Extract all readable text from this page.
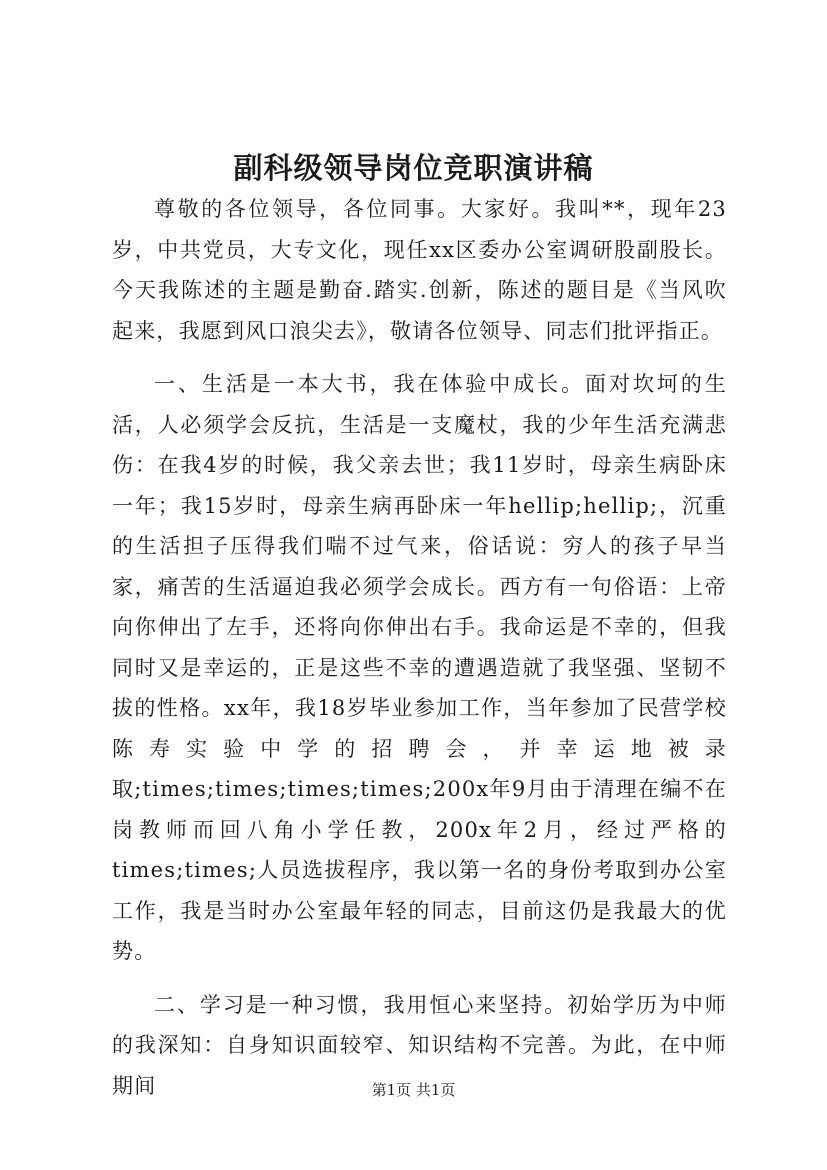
副科级领导岗位竞职演讲稿

尊敬的各位领导，各位同事。大家好。我叫**，现年23岁，中共党员，大专文化，现任xx区委办公室调研股副股长。今天我陈述的主题是勤奋.踏实.创新，陈述的题目是《当风吹起来，我愿到风口浪尖去》，敬请各位领导、同志们批评指正。

一、生活是一本大书，我在体验中成长。面对坎坷的生活，人必须学会反抗，生活是一支魔杖，我的少年生活充满悲伤：在我4岁的时候，我父亲去世；我11岁时，母亲生病卧床一年；我15岁时，母亲生病再卧床一年hellip;hellip;，沉重的生活担子压得我们喘不过气来，俗话说：穷人的孩子早当家，痛苦的生活逼迫我必须学会成长。西方有一句俗语：上帝向你伸出了左手，还将向你伸出右手。我命运是不幸的，但我同时又是幸运的，正是这些不幸的遭遇造就了我坚强、坚韧不拔的性格。xx年，我18岁毕业参加工作，当年参加了民营学校陈寿实验中学的招聘会，并幸运地被录取;times;times;times;times;200x年9月由于清理在编不在岗教师而回八角小学任教，200x年2月，经过严格的times;times;人员选拔程序，我以第一名的身份考取到办公室工作，我是当时办公室最年轻的同志，目前这仍是我最大的优势。

二、学习是一种习惯，我用恒心来坚持。初始学历为中师的我深知：自身知识面较窄、知识结构不完善。为此，在中师期间	第1页 共1页
